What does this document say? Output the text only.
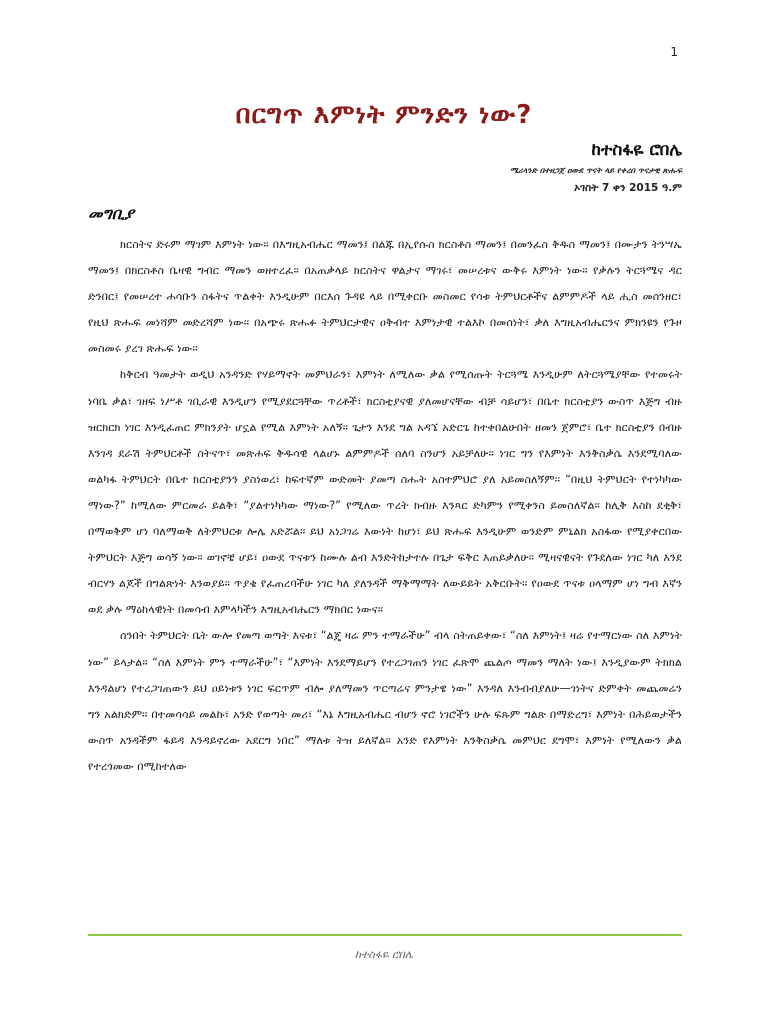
1
በርግጥ እምነት ምንድን ነው?
ከተስፋዬ ሮበሌ
ሜሪላንድ በተዘጋጀ ዐውደ ጥናት ላይ የቀረበ ጥናታዊ ጽሑፍ
ኦገስት 7 ቀን 2015 ዓ.ም
መግቢያ

ክርስትና ድሩም ማገም እምነት ነው፡፡ በእግዚአብሔር ማመን፤ በልጁ በኢየሱስ ክርስቶስ ማመን፤ በመንፈስ ቅዱስ ማመን፤ በሙታን ትንሣኤ ማመን፤ በክርስቶስ ቤዛዊ ግብር ማመን ወዘተረፈ፡፡ በአጠቃላይ ክርስትና ዋልታና ማገሩ፣ መሠረቱና ውቅሩ እምነት ነው፡፡ የቃሉን ትርጓሜና ዳር ድንበር፤ የመሠረተ ሐሳቡን ስፋትና ጥልቀት እንዲሁም በርእሰ ጉዳዩ ላይ በሚቀርቡ መስመር የሳቱ ትምህርቶችና ልምምዶች ላይ ሒስ መሰንዘር፣ የዚህ ጽሑፍ መነሻም መድረሻም ነው፡፡ በአጭሩ ጽሑፉ ትምህርታዊና ዐቅብተ እምነታዊ ተልእኮ በመሰነት፣ ቃለ እግዚአብሔርንና ምክንዩን የጉዞ መስመሩ ያረገ ጽሑፍ ነው፡፡

ከቅርብ ዓመታት ወዲህ አንዳንድ የሃይማኖት መምህራን፣ እምነት ለሚለው ቃል የሚሰጡት ትርጓሜ እንዲሁም ለትርጓሜያቸው የተመሩት ነባቤ ቃል፣ ገዘፍ ነሥቶ ገቢራዊ እንዲሆን የሚያደርጓቸው ጥረቶች፣ ክርስቲያናዊ ያለመሆናቸው ብቻ ሳይሆን፣ በቤተ ክርስቲያን ውስጥ እጅግ ብዙ ዝርክርክ ነገር እንዲፈጠር ምክንያት ሆኗል የሚል እምነት አለኝ፡፡ ጌታን እንደ ግል አዳኜ አድርጌ ከተቀበልሁበት ዘመን ጀምሮ፣ ቤተ ክርስቲያን በብዙ እንገዳ ደራሽ ትምህርቶች ስትናጥ፣ መጽሐፍ ቅዱሳዊ ላልሆኑ ልምምዶች ሰለባ ስንሆን አይቻለሁ፡፡ ነገር ግን የእምነት እንቅስቃሴ እንደሚባለው ወልካፋ ትምህርት በቤተ ክርስቲያንን ያስነወረ፣ ከፍተኛም ውድመት ያመጣ ስሑት አስተምህሮ ያለ አይመስለኝም፡፡ “በዚህ ትምህርት የተነካካው ማነው?” ከሚለው ምርመራ ይልቅ፣ “ያልተነካካው ማነው?” የሚለው ጥረት ክብዙ እንጻር ድካምን የሚቀንስ ይመስለኛል፡፡ ከሊቅ እስከ ደቂቅ፣ በማወቅም ሆነ ባለማወቅ ለትምህርቱ ሎሌ አድሯል፡፡ ይህ አነጋገሬ እውነት ከሆነ፣ ይህ ጽሑፍ እንዲሁም ወንድም ምኒልክ አስፋው የሚያቀርበው ትምህርት እጅግ ወሳኝ ነው፡፡ ወገኖቼ ሆይ፣ ዐውደ ጥናቱን ከሙሉ ልብ እንድትከታተሉ በጌታ ፍቅር እጠይቃለሁ፡፡ ሚዛናዊናት የጉደለው ነገር ካለ እንደ ብርሃን ልጆች በግልጽነት እንወያይ፡፡ ጥያቄ የፈጠረባችሁ ነገር ካለ ያለንዳች ማቅማማት ለውይይት አቅርቡት፡፡ የዐውደ ጥናቱ ዐላማም ሆነ ግብ እኛን ወደ ቃሉ ማዕከላዊነት በመሳብ እምላካችን እግዚአብሔርን ማክበር ነውና፡፡

ሰንበት ትምህርት ቤት ውሎ የመጣ ወጣት እናቱ፣ “ልጄ ዛሬ ምን ተማራችሁ” ብላ ስትጠይቀው፣ “ስለ እምነት፤ ዛሬ የተማርነው ስለ እምነት ነው” ይላታል፡፡ “ስለ እምነት ምን ተማራችሁ”፣ “እምነት እንደማይሆን የተረጋገጠን ነገር ፈጽሞ ጨልጦ ማመን ማለት ነው፤ እንዲያውም ትክክል እንዳልሆነ የተረጋገጠውን ይህ ዐይነቱን ነገር ፍርጥም ብሎ ያለማመን ጥርጣሬና ምንታዌ ነው” እንዳለ እንብብያለሁ—ገነትና ድምቀት መጨመሬን ግን አልክድም፡፡ በተመሳሳይ መልኩ፣ አንድ የወጣት መሪ፣ “እኔ እግዚአብሔር ብሆን ኖሮ ነገሮችን ሁሉ ፍጹም ግልጽ በማድረግ፣ እምነት በሕይወታችን ውስጥ አንዳችም ፋይዳ እንዳይኖረው አደርግ ነበር” ማለቱ ትዝ ይለኛል፡፡ አንድ የእምነት እንቅስቃሴ መምህር ደግሞ፣ እምነት የሚለውን ቃል የተረጎመው በሚከተለው

ከተስፋዬ ሮበሌ
